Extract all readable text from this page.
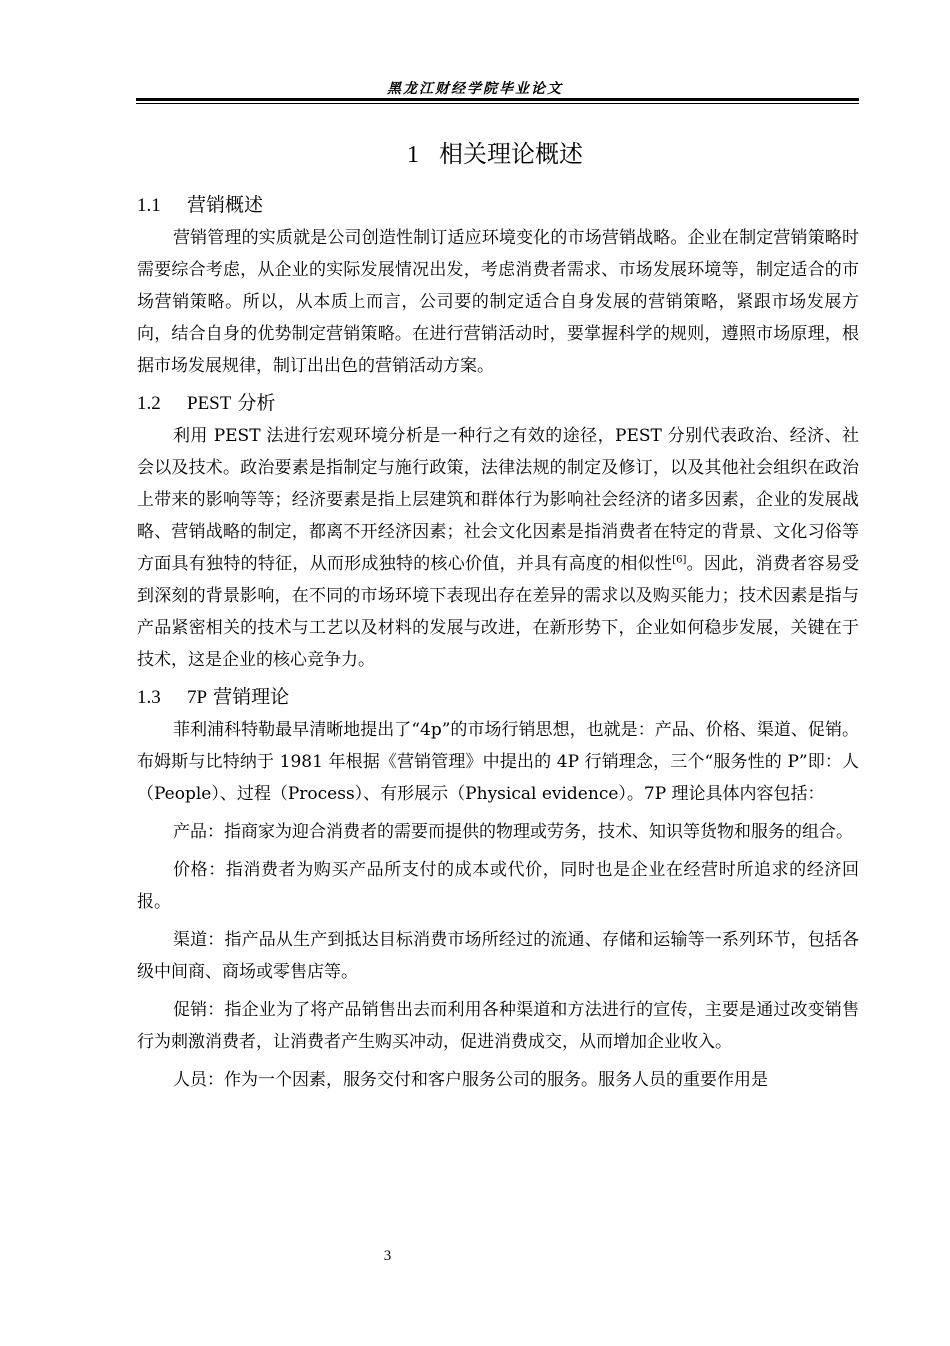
黑龙江财经学院毕业论文
1 相关理论概述
1.1 营销概述

营销管理的实质就是公司创造性制订适应环境变化的市场营销战略。企业在制定营销策略时需要综合考虑，从企业的实际发展情况出发，考虑消费者需求、市场发展环境等，制定适合的市场营销策略。所以，从本质上而言，公司要的制定适合自身发展的营销策略，紧跟市场发展方向，结合自身的优势制定营销策略。在进行营销活动时，要掌握科学的规则，遵照市场原理，根据市场发展规律，制订出出色的营销活动方案。

1.2 PEST 分析

利用 PEST 法进行宏观环境分析是一种行之有效的途径，PEST 分别代表政治、经济、社会以及技术。政治要素是指制定与施行政策，法律法规的制定及修订，以及其他社会组织在政治上带来的影响等等；经济要素是指上层建筑和群体行为影响社会经济的诸多因素，企业的发展战略、营销战略的制定，都离不开经济因素；社会文化因素是指消费者在特定的背景、文化习俗等方面具有独特的特征，从而形成独特的核心价值，并具有高度的相似性[6]。因此，消费者容易受到深刻的背景影响，在不同的市场环境下表现出存在差异的需求以及购买能力；技术因素是指与产品紧密相关的技术与工艺以及材料的发展与改进，在新形势下，企业如何稳步发展，关键在于技术，这是企业的核心竞争力。

1.3 7P 营销理论

菲利浦科特勒最早清晰地提出了“4p”的市场行销思想，也就是：产品、价格、渠道、促销。布姆斯与比特纳于 1981 年根据《营销管理》中提出的 4P 行销理念，三个“服务性的 P”即：人（People）、过程（Process）、有形展示（Physical evidence）。7P 理论具体内容包括：

产品：指商家为迎合消费者的需要而提供的物理或劳务，技术、知识等货物和服务的组合。

价格：指消费者为购买产品所支付的成本或代价，同时也是企业在经营时所追求的经济回报。

渠道：指产品从生产到抵达目标消费市场所经过的流通、存储和运输等一系列环节，包括各级中间商、商场或零售店等。

促销：指企业为了将产品销售出去而利用各种渠道和方法进行的宣传，主要是通过改变销售行为刺激消费者，让消费者产生购买冲动，促进消费成交，从而增加企业收入。

人员：作为一个因素，服务交付和客户服务公司的服务。服务人员的重要作用是

3
